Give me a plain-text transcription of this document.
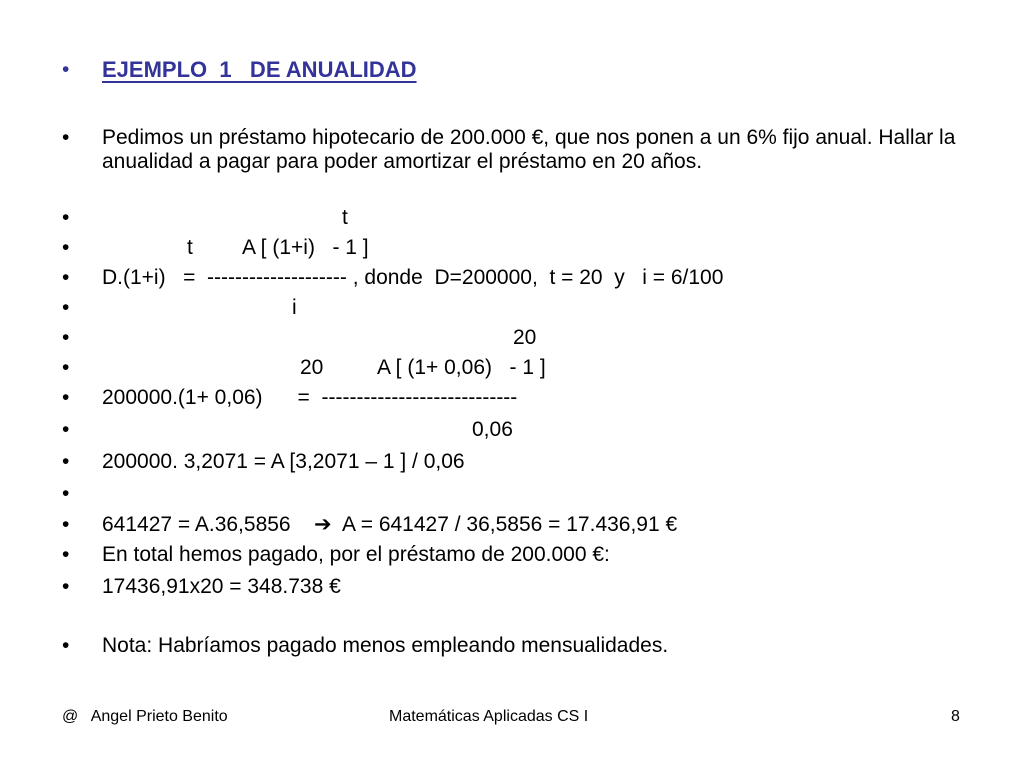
•

EJEMPLO  1   DE ANUALIDAD

•

Pedimos un préstamo hipotecario de 200.000 €, que nos ponen a un 6% fijo anual. Hallar la anualidad a pagar para poder amortizar el préstamo en 20 años.

•

	t

•

	t

A [ (1+i)   - 1 ]

•

D.(1+i)   =  -------------------- , donde  D=200000,  t = 20  y   i = 6/100

•

	i

•

	20

•

	20

	A [ (1+ 0,06)   - 1 ]

•

200000.(1+ 0,06)      =  ----------------------------

•

	0,06

•

200000. 3,2071 = A [3,2071 – 1 ] / 0,06

•

•

641427 = A.36,5856    ➔  A = 641427 / 36,5856 = 17.436,91 €

•

En total hemos pagado, por el préstamo de 200.000 €:

•

17436,91x20 = 348.738 €

•

Nota: Habríamos pagado menos empleando mensualidades.

@   Angel Prieto Benito	Matemáticas Aplicadas CS I	8
